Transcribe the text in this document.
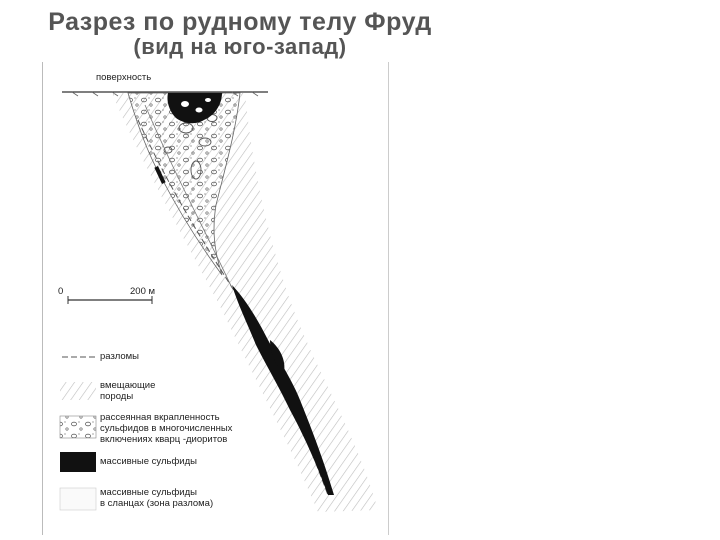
Разрез по рудному телу Фруд
(вид на юго-запад)
поверхность
0	200 м
разломы
вмещающие
породы
рассеянная вкрапленность
сульфидов в многочисленных
включениях кварц -диоритов
массивные сульфиды
массивные сульфиды
в сланцах (зона разлома)
